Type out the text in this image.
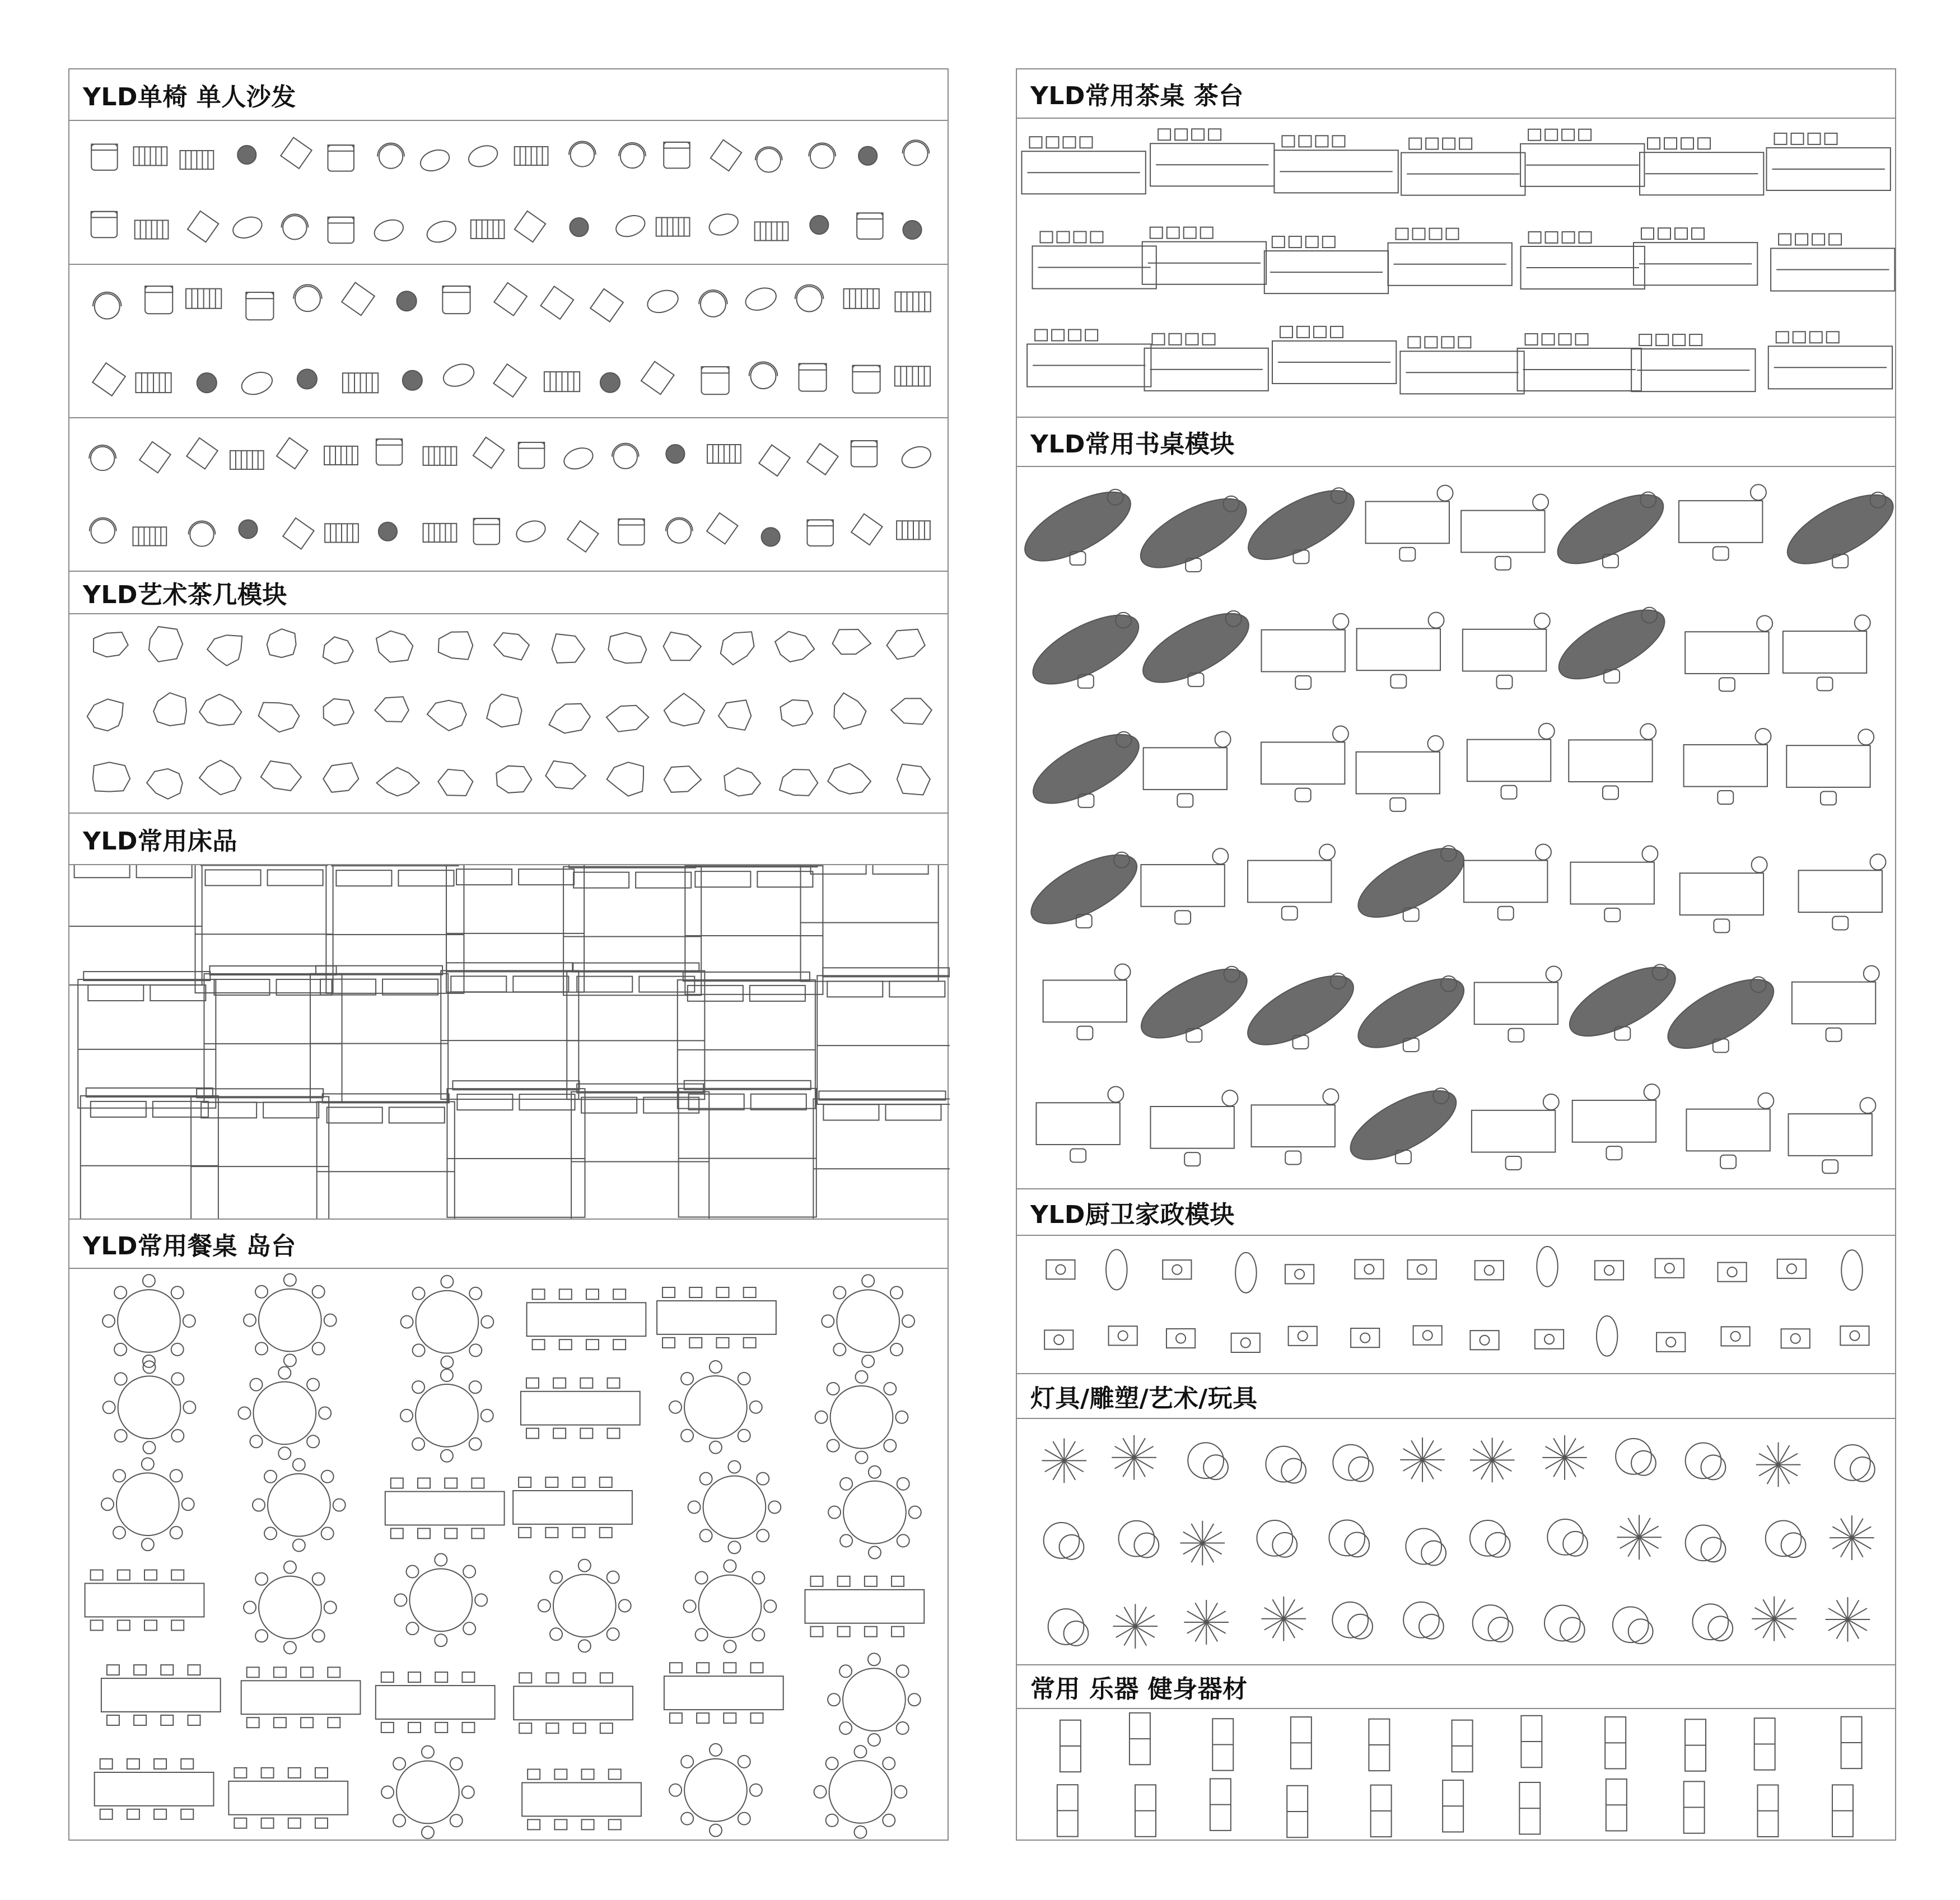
YLD单椅 单人沙发
YLD艺术茶几模块
YLD常用床品
YLD常用餐桌 岛台
YLD常用茶桌 茶台
YLD常用书桌模块
YLD厨卫家政模块
灯具/雕塑/艺术/玩具
常用 乐器 健身器材
